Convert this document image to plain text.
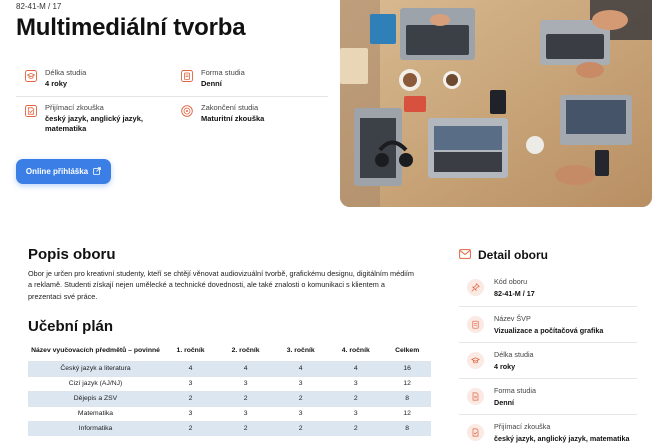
82-41-M / 17
Multimediální tvorba
Délka studia
4 roky
Forma studia
Denní
Přijímací zkouška
český jazyk, anglický jazyk, matematika
Zakončení studia
Maturitní zkouška
Online přihláška
Popis oboru

Obor je určen pro kreativní studenty, kteří se chtějí věnovat audiovizuální tvorbě, grafickému designu, digitálním médiím a reklamě. Studenti získají nejen umělecké a technické dovednosti, ale také znalosti o komunikaci s klientem a prezentaci své práce.

Učební plán
Název vyučovacích předmětů – povinné	1. ročník	2. ročník	3. ročník	4. ročník	Celkem
Český jazyk a literatura	4	4	4	4	16
Cizí jazyk (AJ/NJ)	3	3	3	3	12
Dějepis a ZSV	2	2	2	2	8
Matematika	3	3	3	3	12
Informatika	2	2	2	2	8
Detail oboru
Kód oboru
82-41-M / 17
Název ŠVP
Vizualizace a počítačová grafika
Délka studia
4 roky
Forma studia
Denní
Přijímací zkouška
český jazyk, anglický jazyk, matematika
